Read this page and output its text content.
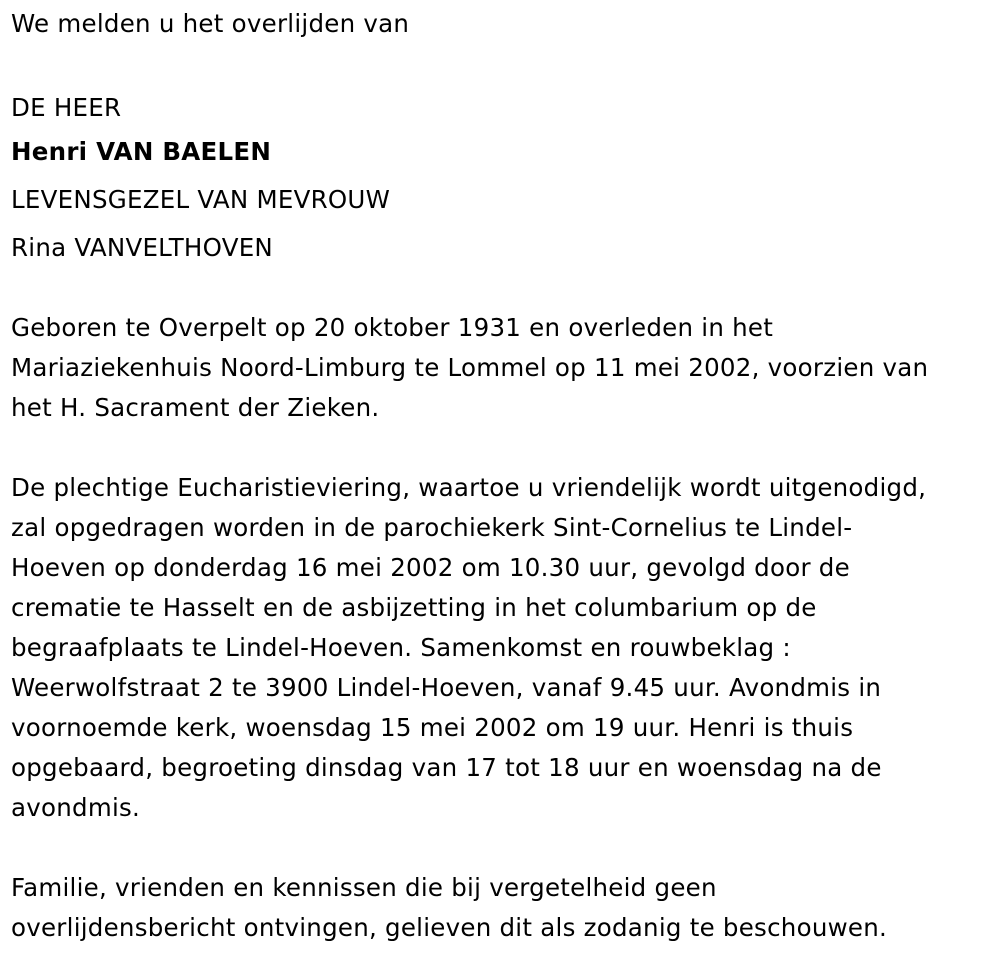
We melden u het overlijden van
DE HEER
Henri VAN BAELEN
LEVENSGEZEL VAN MEVROUW
Rina VANVELTHOVEN
Geboren te Overpelt op 20 oktober 1931 en overleden in het
Mariaziekenhuis Noord-Limburg te Lommel op 11 mei 2002, voorzien van
het H. Sacrament der Zieken.
De plechtige Eucharistieviering, waartoe u vriendelijk wordt uitgenodigd,
zal opgedragen worden in de parochiekerk Sint-Cornelius te Lindel-
Hoeven op donderdag 16 mei 2002 om 10.30 uur, gevolgd door de
crematie te Hasselt en de asbijzetting in het columbarium op de
begraafplaats te Lindel-Hoeven. Samenkomst en rouwbeklag :
Weerwolfstraat 2 te 3900 Lindel-Hoeven, vanaf 9.45 uur. Avondmis in
voornoemde kerk, woensdag 15 mei 2002 om 19 uur. Henri is thuis
opgebaard, begroeting dinsdag van 17 tot 18 uur en woensdag na de
avondmis.
Familie, vrienden en kennissen die bij vergetelheid geen
overlijdensbericht ontvingen, gelieven dit als zodanig te beschouwen.
